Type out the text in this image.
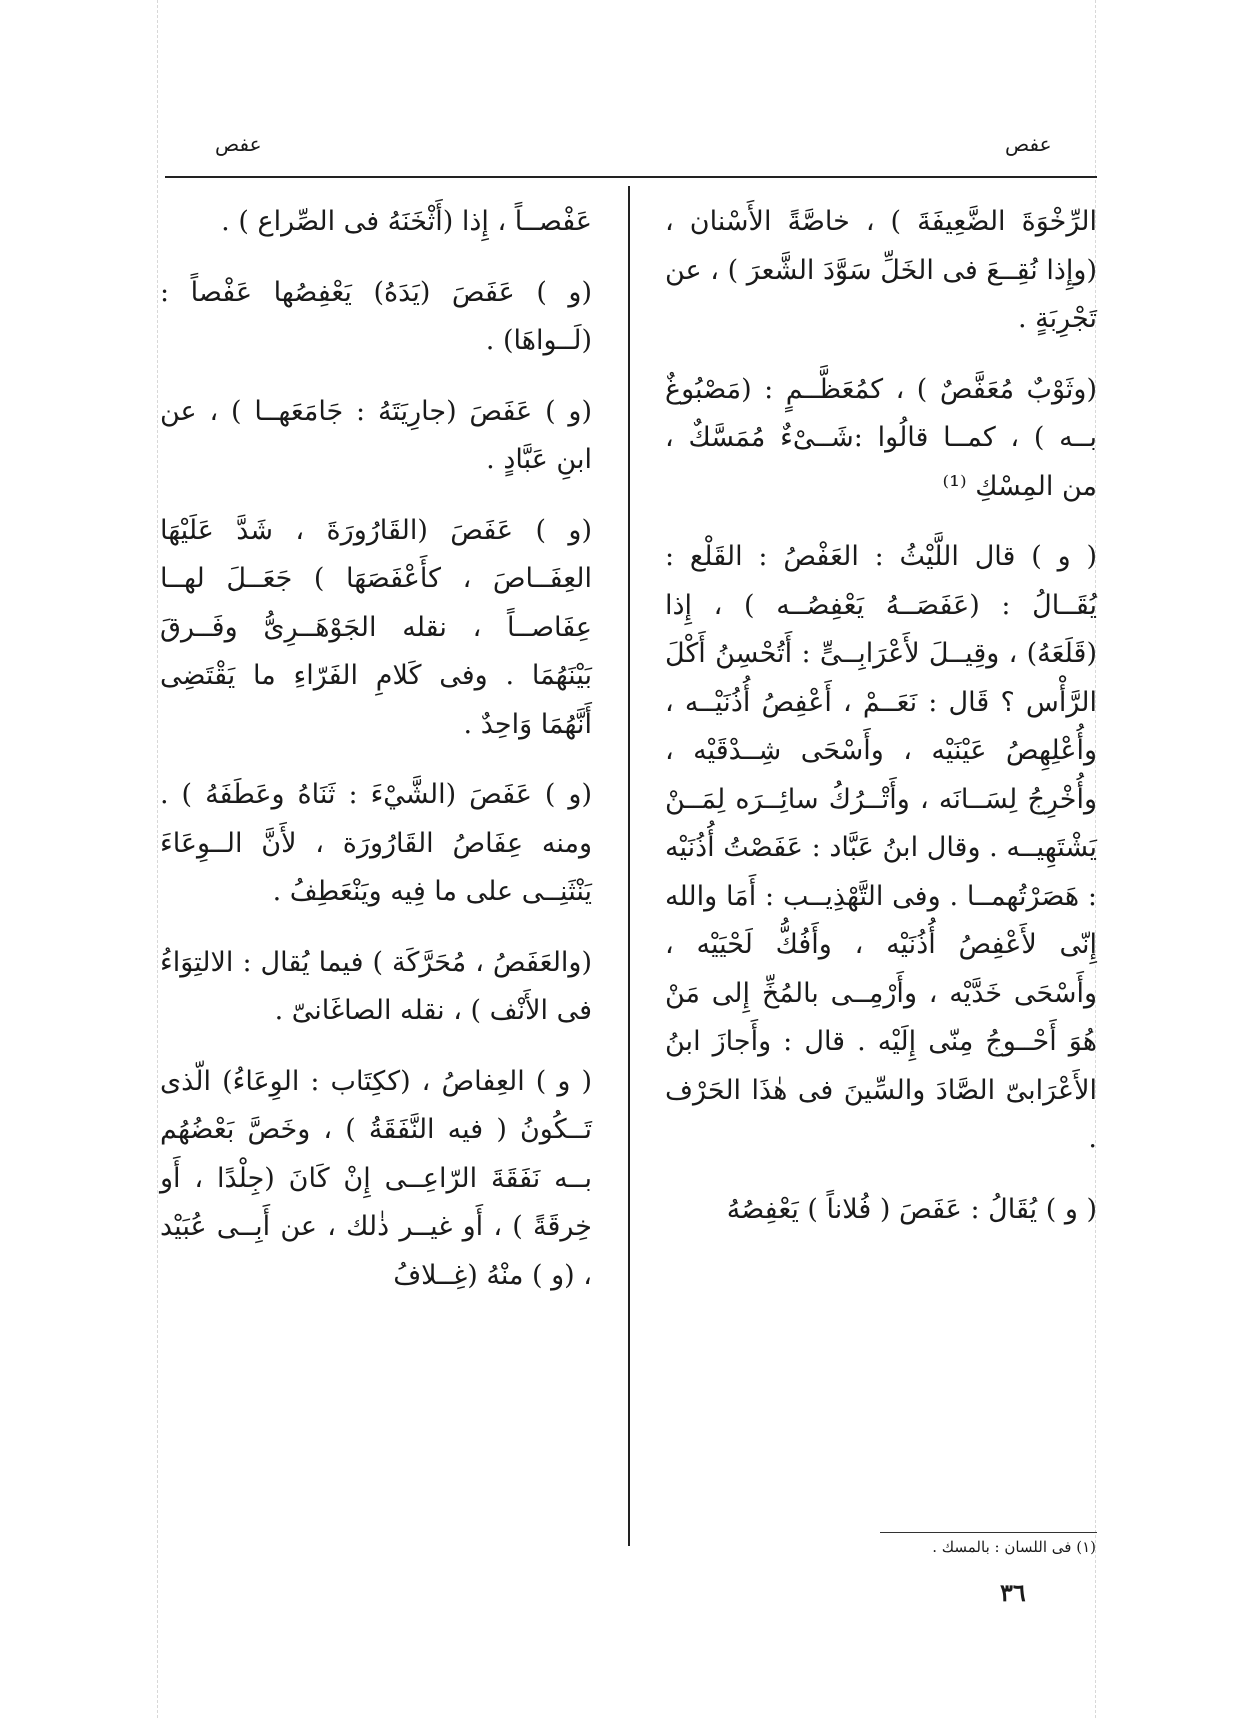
عفص	عفص

الرِّخْوَةَ الضَّعِيفَةَ ) ، خاصَّةً الأَسْنان ، (وإِذا نُقِــعَ فى الخَلِّ سَوَّدَ الشَّعرَ ) ، عن تَجْرِبَةٍ .

(وثَوْبٌ مُعَفَّصٌ ) ، كمُعَظَّــمٍ : (مَصْبُوغٌ بــه ) ، كمــا قالُوا :شَــىْءٌ مُمَسَّكٌ ، من المِسْكِ ⁽¹⁾

( و ) قال اللَّيْثُ : العَفْصُ : القَلْع : يُقَــالُ : (عَفَصَــهُ يَعْفِصُــه ) ، إِذا (قَلَعَهُ) ، وقِيــلَ لأَعْرَابِــىٍّ : أَتُحْسِنُ أَكْلَ الرَّأْس ؟ قَال : نَعَــمْ ، أَعْفِصُ أُذُنَيْــه ، وأُعْلِهِصُ عَيْنَيْه ، وأَسْحَى شِــدْقَيْه ، وأُخْرِجُ لِسَــانَه ، وأَتْــرُكُ سائِــرَه لِمَــنْ يَشْتَهِيــه . وقال ابنُ عَبَّاد : عَفَصْتُ أُذُنَيْه : هَصَرْتُهمــا . وفى التَّهْذِيــب : أَمَا والله إِنّى لأَعْفِصُ أُذُنَيْه ، وأَفُكُّ لَحْيَيْه ، وأَسْحَى خَدَّيْه ، وأَرْمِــى بالمُخِّ إِلى مَنْ هُوَ أَحْــوجُ مِنّى إِلَيْه . قال : وأَجازَ ابنُ الأَعْرَابىّ الصَّادَ والسِّينَ فى هٰذَا الحَرْف .

( و ) يُقَالُ : عَفَصَ ( فُلاناً ) يَعْفِصُهُ

عَفْصــاً ، إِذا (أَثْخَنَهُ فى الصِّراع ) .

(و ) عَفَصَ (يَدَهُ) يَعْفِصُها عَفْصاً : (لَــواهَا) .

(و ) عَفَصَ (جارِيَتَهُ : جَامَعَهــا ) ، عن ابنِ عَبَّادٍ .

(و ) عَفَصَ (القَارُورَةَ ، شَدَّ عَلَيْهَا العِفَــاصَ ، كأَعْفَصَهَا ) جَعَــلَ لهــا عِفَاصــاً ، نقله الجَوْهَــرِىُّ وفَــرقَ بَيْنَهُمَا . وفى كَلامِ الفَرّاءِ ما يَقْتَضِى أَنَّهُمَا وَاحِدٌ .

(و ) عَفَصَ (الشَّيْءَ : ثَنَاهُ وعَطَفَهُ ) . ومنه عِفَاصُ القَارُورَة ، لأَنَّ الــوِعَاءَ يَنْثَنِــى على ما فِيه ويَنْعَطِفُ .

(والعَفَصُ ، مُحَرَّكَة ) فيما يُقال : الالتِوَاءُ فى الأَنْف ) ، نقله الصاغَانىّ .

( و ) العِفاصُ ، (ككِتَاب : الوِعَاءُ) الّذى تَــكُونُ ( فيه النَّفَقَةُ ) ، وخَصَّ بَعْضُهُم بــه نَفَقَةَ الرّاعِــى إِنْ كَانَ (جِلْدًا ، أَو خِرقَةً ) ، أَو غيــر ذٰلك ، عن أَبِــى عُبَيْد ، (و ) منْهُ (غِــلافُ

(١) فى اللسان : بالمسك .
٣٦
